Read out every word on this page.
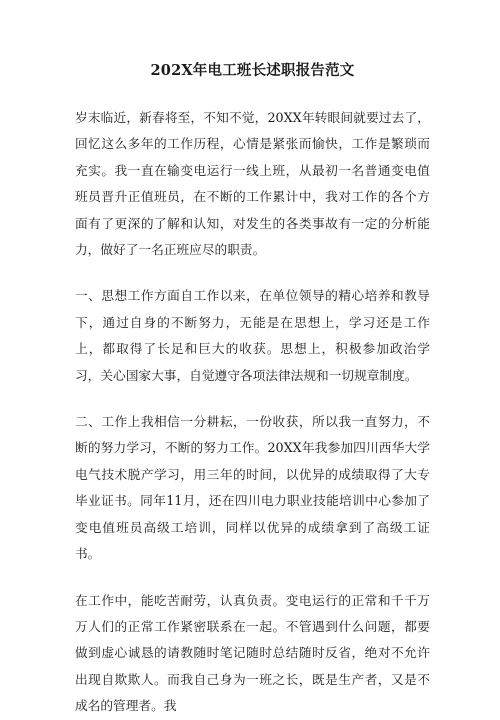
202X年电工班长述职报告范文

岁末临近，新春将至，不知不觉，20XX年转眼间就要过去了，回忆这么多年的工作历程，心情是紧张而愉快，工作是繁琐而充实。我一直在输变电运行一线上班，从最初一名普通变电值班员晋升正值班员，在不断的工作累计中，我对工作的各个方面有了更深的了解和认知，对发生的各类事故有一定的分析能力，做好了一名正班应尽的职责。

一、思想工作方面自工作以来，在单位领导的精心培养和教导下，通过自身的不断努力，无能是在思想上，学习还是工作上，都取得了长足和巨大的收获。思想上，积极参加政治学习，关心国家大事，自觉遵守各项法律法规和一切规章制度。

二、工作上我相信一分耕耘，一份收获，所以我一直努力，不断的努力学习，不断的努力工作。20XX年我参加四川西华大学电气技术脱产学习，用三年的时间，以优异的成绩取得了大专毕业证书。同年11月，还在四川电力职业技能培训中心参加了变电值班员高级工培训，同样以优异的成绩拿到了高级工证书。

在工作中，能吃苦耐劳，认真负责。变电运行的正常和千千万万人们的正常工作紧密联系在一起。不管遇到什么问题，都要做到虚心诚恳的请教随时笔记随时总结随时反省，绝对不允许出现自欺欺人。而我自己身为一班之长，既是生产者，又是不成名的管理者。我
